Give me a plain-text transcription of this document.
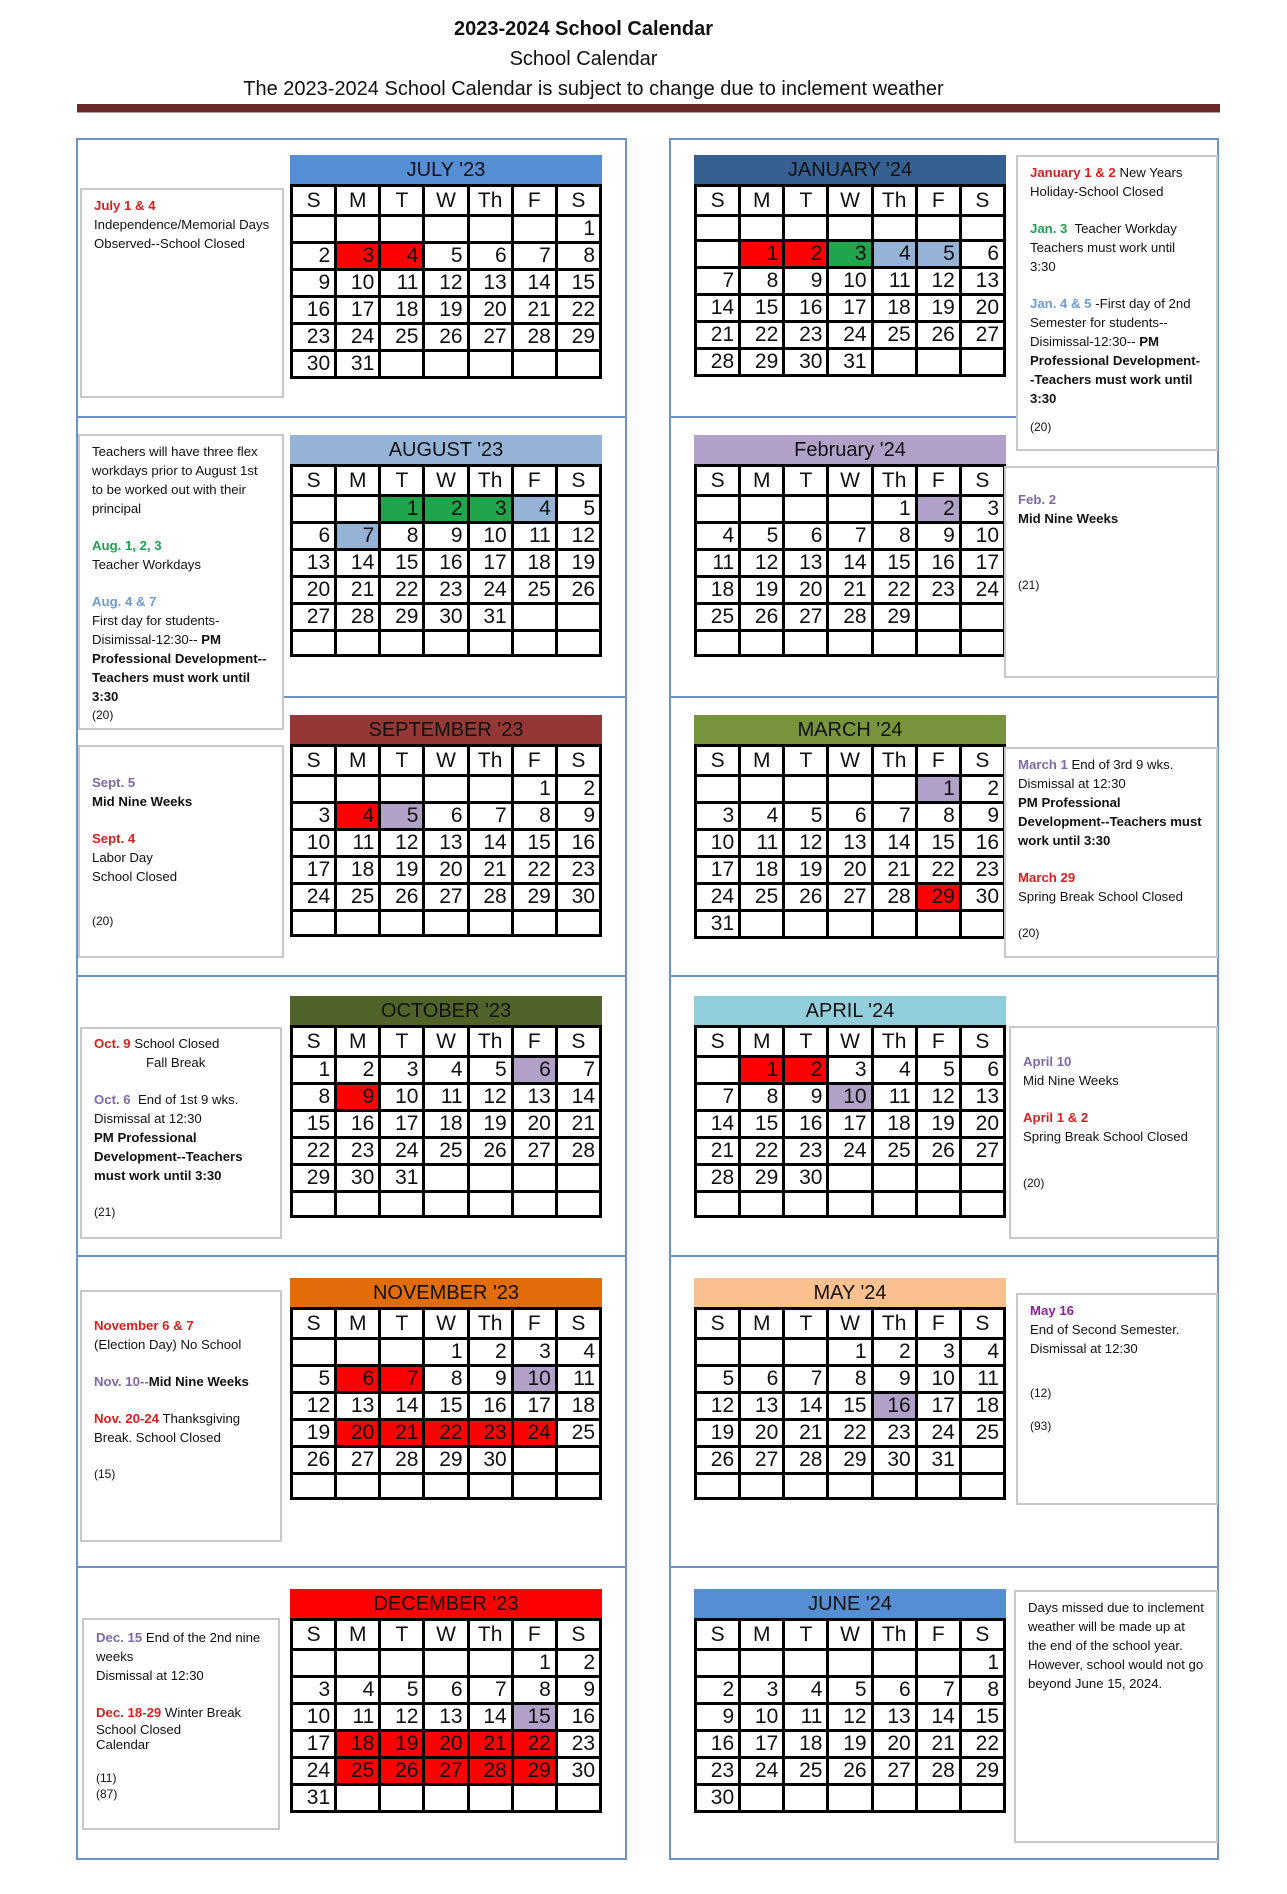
2023-2024 School Calendar
School Calendar
The 2023-2024 School Calendar is subject to change due to inclement weather
JULY '23
S	M	T	W	Th	F	S
						1
2	3	4	5	6	7	8
9	10	11	12	13	14	15
16	17	18	19	20	21	22
23	24	25	26	27	28	29
30	31					
AUGUST '23
S	M	T	W	Th	F	S
		1	2	3	4	5
6	7	8	9	10	11	12
13	14	15	16	17	18	19
20	21	22	23	24	25	26
27	28	29	30	31		

SEPTEMBER '23
S	M	T	W	Th	F	S
					1	2
3	4	5	6	7	8	9
10	11	12	13	14	15	16
17	18	19	20	21	22	23
24	25	26	27	28	29	30

OCTOBER '23
S	M	T	W	Th	F	S
1	2	3	4	5	6	7
8	9	10	11	12	13	14
15	16	17	18	19	20	21
22	23	24	25	26	27	28
29	30	31				

NOVEMBER '23
S	M	T	W	Th	F	S
			1	2	3	4
5	6	7	8	9	10	11
12	13	14	15	16	17	18
19	20	21	22	23	24	25
26	27	28	29	30		

DECEMBER '23
S	M	T	W	Th	F	S
					1	2
3	4	5	6	7	8	9
10	11	12	13	14	15	16
17	18	19	20	21	22	23
24	25	26	27	28	29	30
31						
JANUARY '24
S	M	T	W	Th	F	S

	1	2	3	4	5	6
7	8	9	10	11	12	13
14	15	16	17	18	19	20
21	22	23	24	25	26	27
28	29	30	31			
February '24
S	M	T	W	Th	F	S
				1	2	3
4	5	6	7	8	9	10
11	12	13	14	15	16	17
18	19	20	21	22	23	24
25	26	27	28	29		

MARCH '24
S	M	T	W	Th	F	S
					1	2
3	4	5	6	7	8	9
10	11	12	13	14	15	16
17	18	19	20	21	22	23
24	25	26	27	28	29	30
31						
APRIL '24
S	M	T	W	Th	F	S
	1	2	3	4	5	6
7	8	9	10	11	12	13
14	15	16	17	18	19	20
21	22	23	24	25	26	27
28	29	30				

MAY '24
S	M	T	W	Th	F	S
			1	2	3	4
5	6	7	8	9	10	11
12	13	14	15	16	17	18
19	20	21	22	23	24	25
26	27	28	29	30	31	

JUNE '24
S	M	T	W	Th	F	S
						1
2	3	4	5	6	7	8
9	10	11	12	13	14	15
16	17	18	19	20	21	22
23	24	25	26	27	28	29
30						

July 1 & 4

Independence/Memorial Days Observed--School Closed

Teachers will have three flex workdays prior to August 1st to be worked out with their principal

Aug. 1, 2, 3

Teacher Workdays

Aug. 4 & 7

First day for students- Disimissal-12:30-- PM Professional Development--Teachers must work until 3:30

(20)

Sept. 5

Mid Nine Weeks

Sept. 4

Labor Day

School Closed

(20)

Oct. 9 School Closed

Fall Break

Oct. 6 End of 1st 9 wks.

Dismissal at 12:30

PM Professional Development--Teachers must work until 3:30

(21)

November 6 & 7

(Election Day) No School

Nov. 10--Mid Nine Weeks

Nov. 20-24 Thanksgiving Break. School Closed

(15)

Dec. 15 End of the 2nd nine weeks

Dismissal at 12:30

Dec. 18-29 Winter Break

School Closed

Calendar

(11)

(87)

January 1 & 2 New Years Holiday-School Closed

Jan. 3 Teacher Workday Teachers must work until 3:30

Jan. 4 & 5 -First day of 2nd Semester for students-- Disimissal-12:30-- PM Professional Development--Teachers must work until 3:30

(20)

Feb. 2

Mid Nine Weeks

(21)

March 1 End of 3rd 9 wks.

Dismissal at 12:30

PM Professional Development--Teachers must work until 3:30

March 29

Spring Break School Closed

(20)

April 10

Mid Nine Weeks

April 1 & 2

Spring Break School Closed

(20)

May 16

End of Second Semester.

Dismissal at 12:30

(12)

(93)

Days missed due to inclement weather will be made up at the end of the school year. However, school would not go beyond June 15, 2024.
